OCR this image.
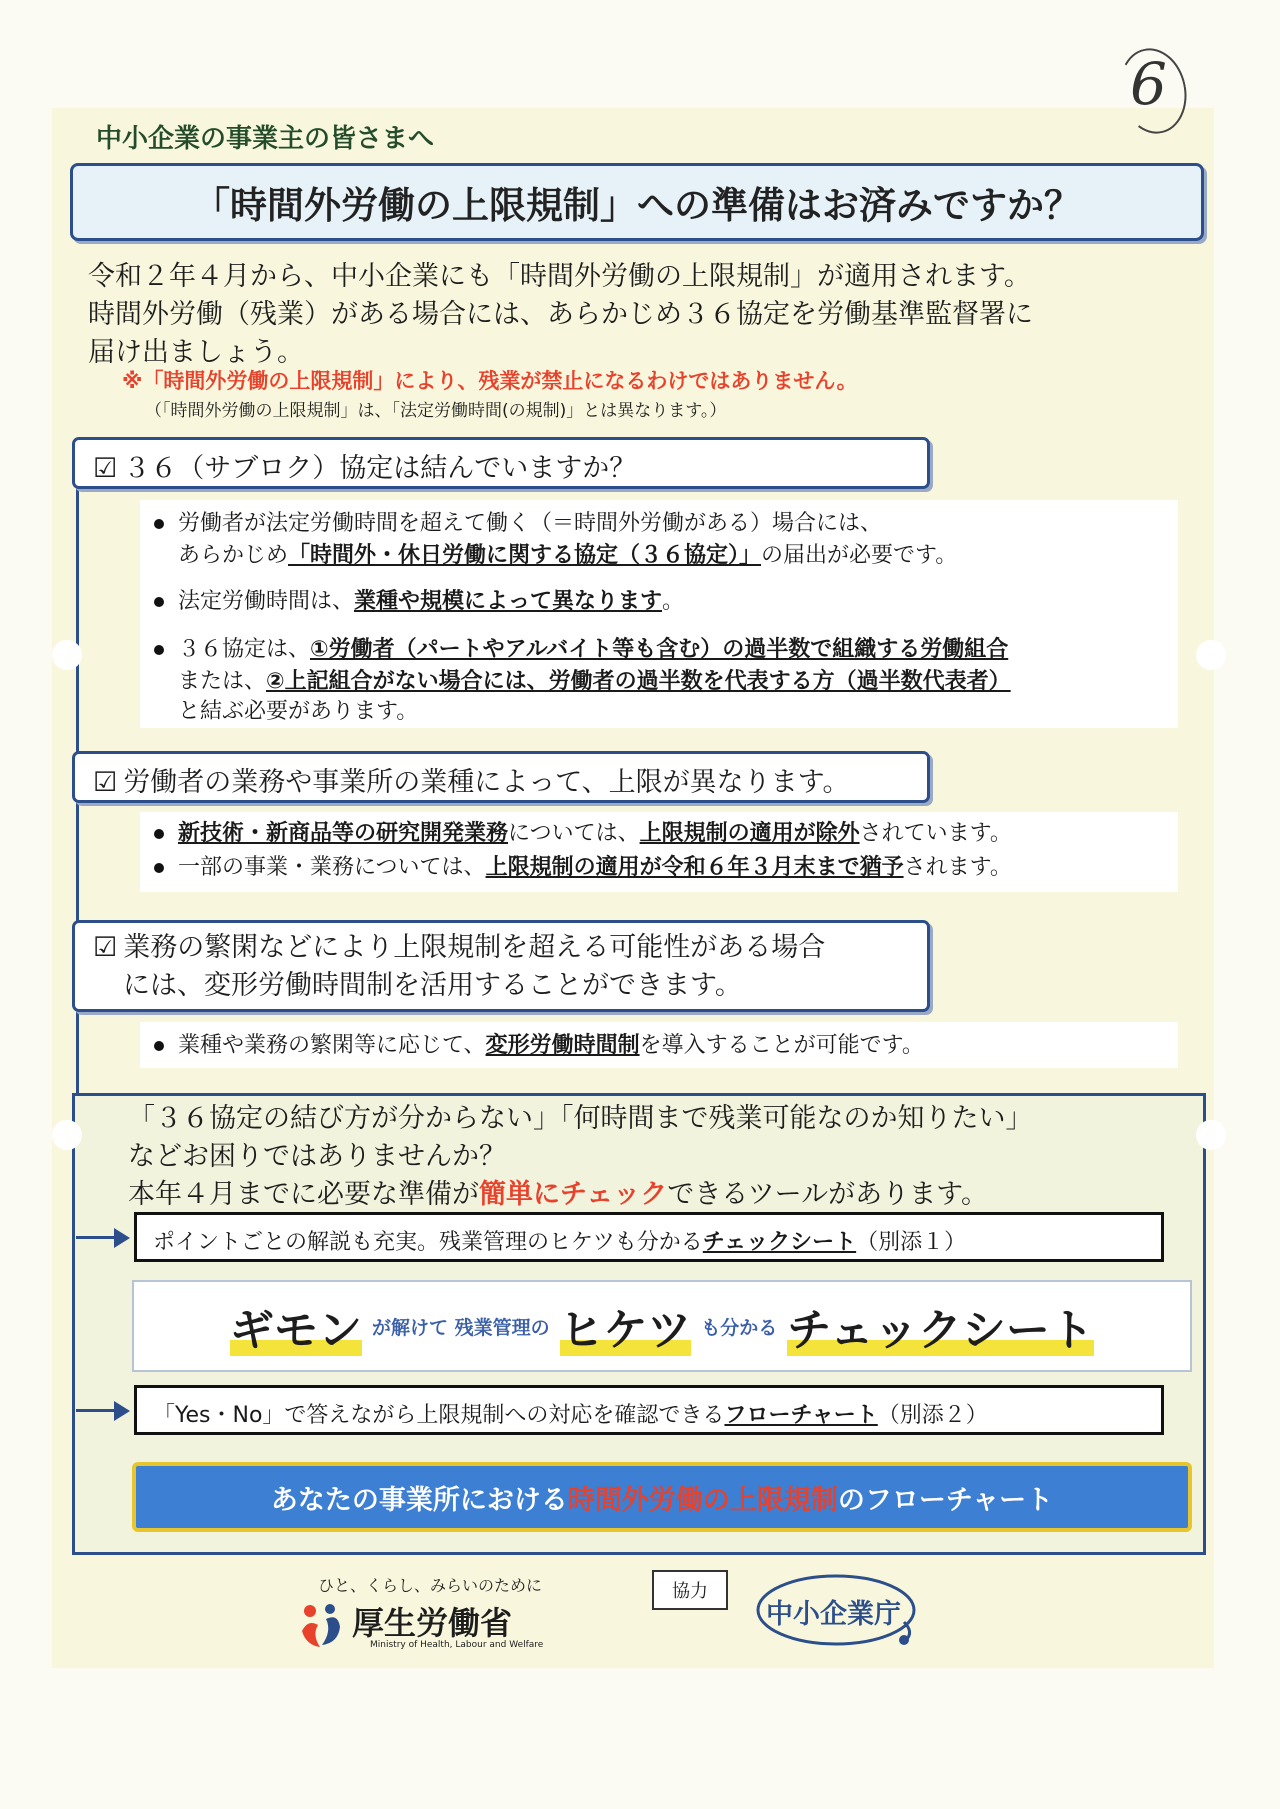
6
中小企業の事業主の皆さまへ
「時間外労働の上限規制」への準備はお済みですか？
令和２年４月から、中小企業にも「時間外労働の上限規制」が適用されます。
時間外労働（残業）がある場合には、あらかじめ３６協定を労働基準監督署に
届け出ましょう。
※「時間外労働の上限規制」により、残業が禁止になるわけではありません。
（「時間外労働の上限規制」は、「法定労働時間(の規制)」とは異なります。）
☑ ３６（サブロク）協定は結んでいますか？
労働者が法定労働時間を超えて働く（＝時間外労働がある）場合には、
あらかじめ「時間外・休日労働に関する協定（３６協定）」の届出が必要です。
法定労働時間は、業種や規模によって異なります。
３６協定は、①労働者（パートやアルバイト等も含む）の過半数で組織する労働組合
または、②上記組合がない場合には、労働者の過半数を代表する方（過半数代表者）
と結ぶ必要があります。
☑ 労働者の業務や事業所の業種によって、上限が異なります。
新技術・新商品等の研究開発業務については、上限規制の適用が除外されています。
一部の事業・業務については、上限規制の適用が令和６年３月末まで猶予されます。
☑ 業務の繁閑などにより上限規制を超える可能性がある場合
には、変形労働時間制を活用することができます。
業種や業務の繁閑等に応じて、変形労働時間制を導入することが可能です。
「３６協定の結び方が分からない」「何時間まで残業可能なのか知りたい」
などお困りではありませんか？
本年４月までに必要な準備が簡単にチェックできるツールがあります。
ポイントごとの解説も充実。残業管理のヒケツも分かるチェックシート（別添１）
ギモン が解けて 残業管理の ヒケツ も分かる チェックシート
「Yes・No」で答えながら上限規制への対応を確認できるフローチャート（別添２）
あなたの事業所における 時間外労働の上限規制 のフローチャート
ひと、くらし、みらいのために
厚生労働省
Ministry of Health, Labour and Welfare
協力
中小企業庁
